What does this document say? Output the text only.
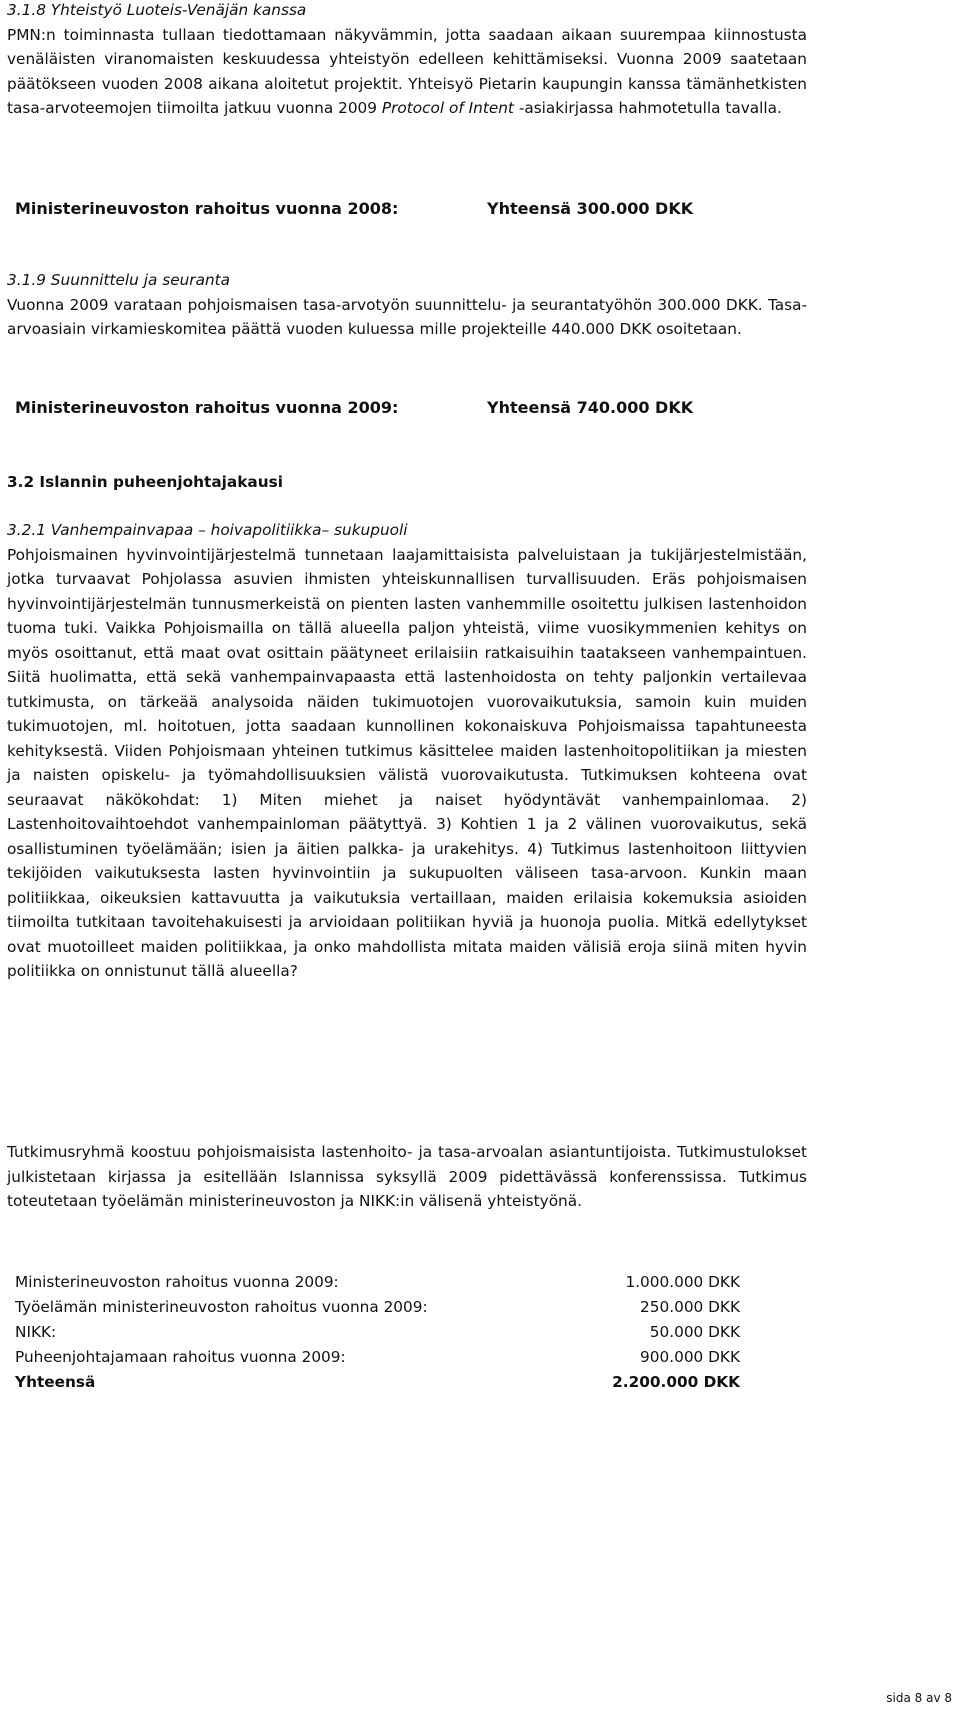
3.1.8 Yhteistyö Luoteis-Venäjän kanssa

PMN:n toiminnasta tullaan tiedottamaan näkyvämmin, jotta saadaan aikaan suurempaa kiinnostusta venäläisten viranomaisten keskuudessa yhteistyön edelleen kehittämiseksi. Vuonna 2009 saatetaan päätökseen vuoden 2008 aikana aloitetut projektit. Yhteisyö Pietarin kaupungin kanssa tämänhetkisten tasa-arvoteemojen tiimoilta jatkuu vuonna 2009 Protocol of Intent -asiakirjassa hahmotetulla tavalla.

Ministerineuvoston rahoitus vuonna 2008:	Yhteensä 300.000 DKK

3.1.9 Suunnittelu ja seuranta

Vuonna 2009 varataan pohjoismaisen tasa-arvotyön suunnittelu- ja seurantatyöhön 300.000 DKK. Tasa-arvoasiain virkamieskomitea päättä vuoden kuluessa mille projekteille 440.000 DKK osoitetaan.

Ministerineuvoston rahoitus vuonna 2009:	Yhteensä 740.000 DKK

3.2 Islannin puheenjohtajakausi

3.2.1 Vanhempainvapaa – hoivapolitiikka– sukupuoli

Pohjoismainen hyvinvointijärjestelmä tunnetaan laajamittaisista palveluistaan ja tukijärjestelmistään, jotka turvaavat Pohjolassa asuvien ihmisten yhteiskunnallisen turvallisuuden. Eräs pohjoismaisen hyvinvointijärjestelmän tunnusmerkeistä on pienten lasten vanhemmille osoitettu julkisen lastenhoidon tuoma tuki. Vaikka Pohjoismailla on tällä alueella paljon yhteistä, viime vuosikymmenien kehitys on myös osoittanut, että maat ovat osittain päätyneet erilaisiin ratkaisuihin taatakseen vanhempaintuen. Siitä huolimatta, että sekä vanhempainvapaasta että lastenhoidosta on tehty paljonkin vertailevaa tutkimusta, on tärkeää analysoida näiden tukimuotojen vuorovaikutuksia, samoin kuin muiden tukimuotojen, ml. hoitotuen, jotta saadaan kunnollinen kokonaiskuva Pohjoismaissa tapahtuneesta kehityksestä. Viiden Pohjoismaan yhteinen tutkimus käsittelee maiden lastenhoitopolitiikan ja miesten ja naisten opiskelu- ja työmahdollisuuksien välistä vuorovaikutusta. Tutkimuksen kohteena ovat seuraavat näkökohdat: 1) Miten miehet ja naiset hyödyntävät vanhempainlomaa. 2) Lastenhoitovaihtoehdot vanhempainloman päätyttyä. 3) Kohtien 1 ja 2 välinen vuorovaikutus, sekä osallistuminen työelämään; isien ja äitien palkka- ja urakehitys. 4) Tutkimus lastenhoitoon liittyvien tekijöiden vaikutuksesta lasten hyvinvointiin ja sukupuolten väliseen tasa-arvoon. Kunkin maan politiikkaa, oikeuksien kattavuutta ja vaikutuksia vertaillaan, maiden erilaisia kokemuksia asioiden tiimoilta tutkitaan tavoitehakuisesti ja arvioidaan politiikan hyviä ja huonoja puolia. Mitkä edellytykset ovat muotoilleet maiden politiikkaa, ja onko mahdollista mitata maiden välisiä eroja siinä miten hyvin politiikka on onnistunut tällä alueella?

Tutkimusryhmä koostuu pohjoismaisista lastenhoito- ja tasa-arvoalan asiantuntijoista. Tutkimustulokset julkistetaan kirjassa ja esitellään Islannissa syksyllä 2009 pidettävässä konferenssissa. Tutkimus toteutetaan työelämän ministerineuvoston ja NIKK:in välisenä yhteistyönä.

Ministerineuvoston rahoitus vuonna 2009:	1.000.000 DKK
Työelämän ministerineuvoston rahoitus vuonna 2009:	250.000 DKK
NIKK:	50.000 DKK
Puheenjohtajamaan rahoitus vuonna 2009:	900.000 DKK
Yhteensä	2.200.000 DKK
sida 8 av 8
